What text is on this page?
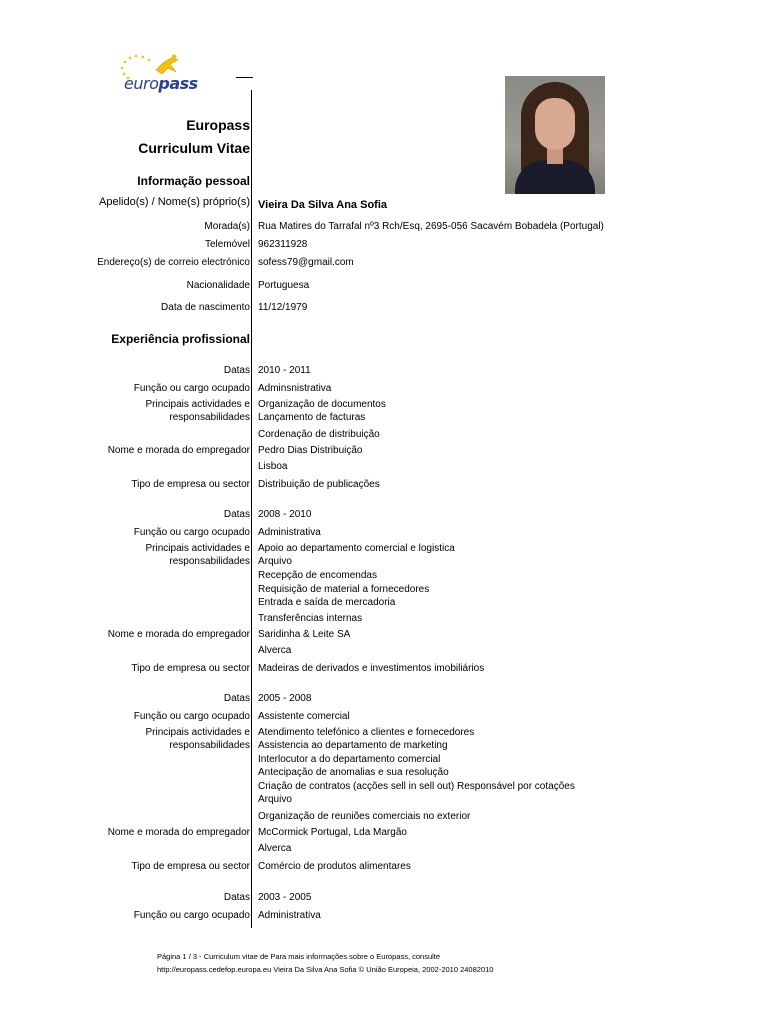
europass
Europass
Curriculum Vitae
Informação pessoal
Apelido(s) / Nome(s) próprio(s) Vieira Da Silva Ana Sofia
Morada(s) Rua Matires do Tarrafal nº3 Rch/Esq, 2695-056 Sacavém Bobadela (Portugal)
Telemóvel 962311928
Endereço(s) de correio electrónico sofess79@gmail.com
Nacionalidade Portuguesa
Data de nascimento 11/12/1979
Experiência profissional
Datas 2010 - 2011
Função ou cargo ocupado Adminsnistrativa
Principais actividades e
responsabilidades
Organização de documentos
Lançamento de facturas
Cordenação de distribuição
Nome e morada do empregador Pedro Dias Distribuição
Lisboa
Tipo de empresa ou sector Distribuição de publicações
Datas 2008 - 2010
Função ou cargo ocupado Administrativa
Principais actividades e
responsabilidades
Apoio ao departamento comercial e logistica
Arquivo
Recepção de encomendas
Requisição de material a fornecedores
Entrada e saída de mercadoria
Transferências internas
Nome e morada do empregador Saridinha & Leite SA
Alverca
Tipo de empresa ou sector Madeiras de derivados e investimentos imobiliários
Datas 2005 - 2008
Função ou cargo ocupado Assistente comercial
Principais actividades e
responsabilidades
Atendimento telefónico a clientes e fornecedores
Assistencia ao departamento de marketing
Interlocutor a do departamento comercial
Antecipação de anomalias e sua resolução
Criação de contratos (acções sell in sell out) Responsável por cotações
Arquivo
Organização de reuniões comerciais no exterior
Nome e morada do empregador McCormick Portugal, Lda Margão
Alverca
Tipo de empresa ou sector Comércio de produtos alimentares
Datas 2003 - 2005
Função ou cargo ocupado Administrativa
Página 1 / 3 - Curriculum vitae de Para mais informações sobre o Europass, consulte
http://europass.cedefop.europa.eu Vieira Da Silva Ana Sofia © União Europeia, 2002-2010 24082010
